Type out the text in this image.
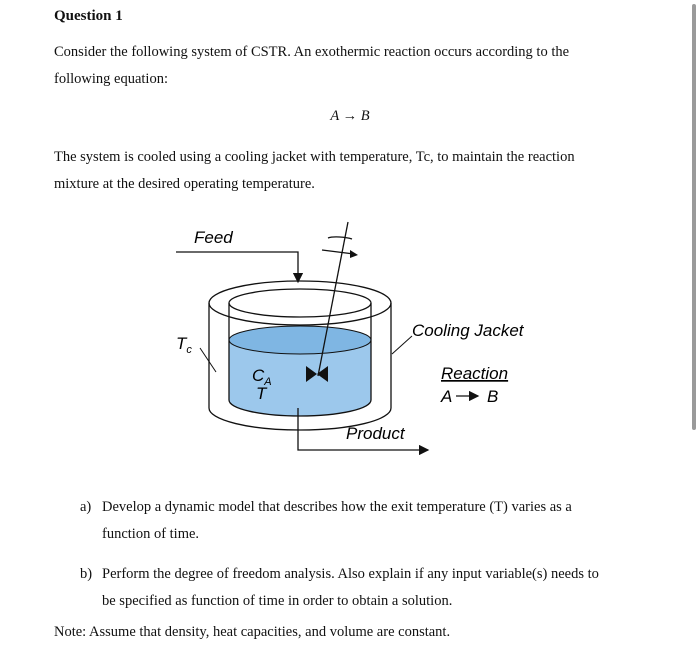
Question 1
Consider the following system of CSTR. An exothermic reaction occurs according to the
following equation:
A → B
The system is cooled using a cooling jacket with temperature, Tc, to maintain the reaction
mixture at the desired operating temperature.
Feed
Product
$T_c$
Cooling Jacket
$C_A$
T
Reaction
A B
a) Develop a dynamic model that describes how the exit temperature (T) varies as a
function of time.
b) Perform the degree of freedom analysis. Also explain if any input variable(s) needs to
be specified as function of time in order to obtain a solution.
Note: Assume that density, heat capacities, and volume are constant.
